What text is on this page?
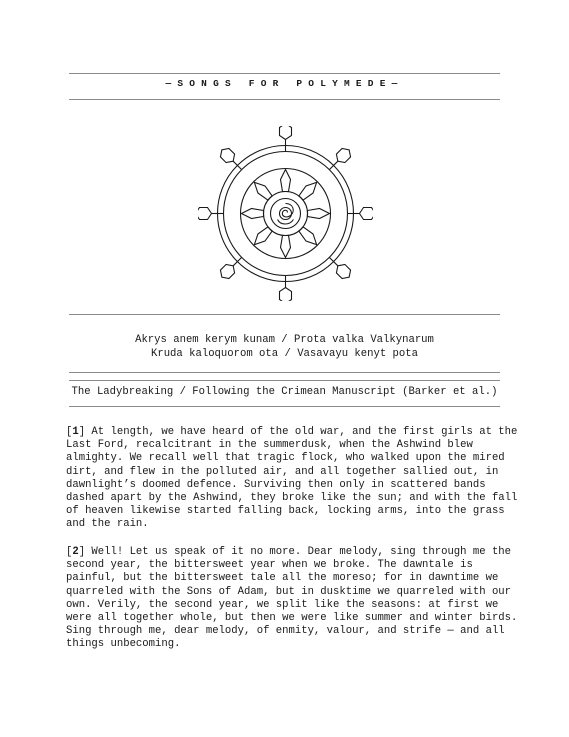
—SONGS FOR POLYMEDE—
Akrys anem kerym kunam / Prota valka Valkynarum
Kruda kaloquorom ota / Vasavayu kenyt pota
The Ladybreaking / Following the Crimean Manuscript (Barker et al.)
[1] At length, we have heard of the old war, and the first girls at the
Last Ford, recalcitrant in the summerdusk, when the Ashwind blew
almighty. We recall well that tragic flock, who walked upon the mired
dirt, and flew in the polluted air, and all together sallied out, in
dawnlight’s doomed defence. Surviving then only in scattered bands
dashed apart by the Ashwind, they broke like the sun; and with the fall
of heaven likewise started falling back, locking arms, into the grass
and the rain.
[2] Well! Let us speak of it no more. Dear melody, sing through me the
second year, the bittersweet year when we broke. The dawntale is
painful, but the bittersweet tale all the moreso; for in dawntime we
quarreled with the Sons of Adam, but in dusktime we quarreled with our
own. Verily, the second year, we split like the seasons: at first we
were all together whole, but then we were like summer and winter birds.
Sing through me, dear melody, of enmity, valour, and strife — and all
things unbecoming.
